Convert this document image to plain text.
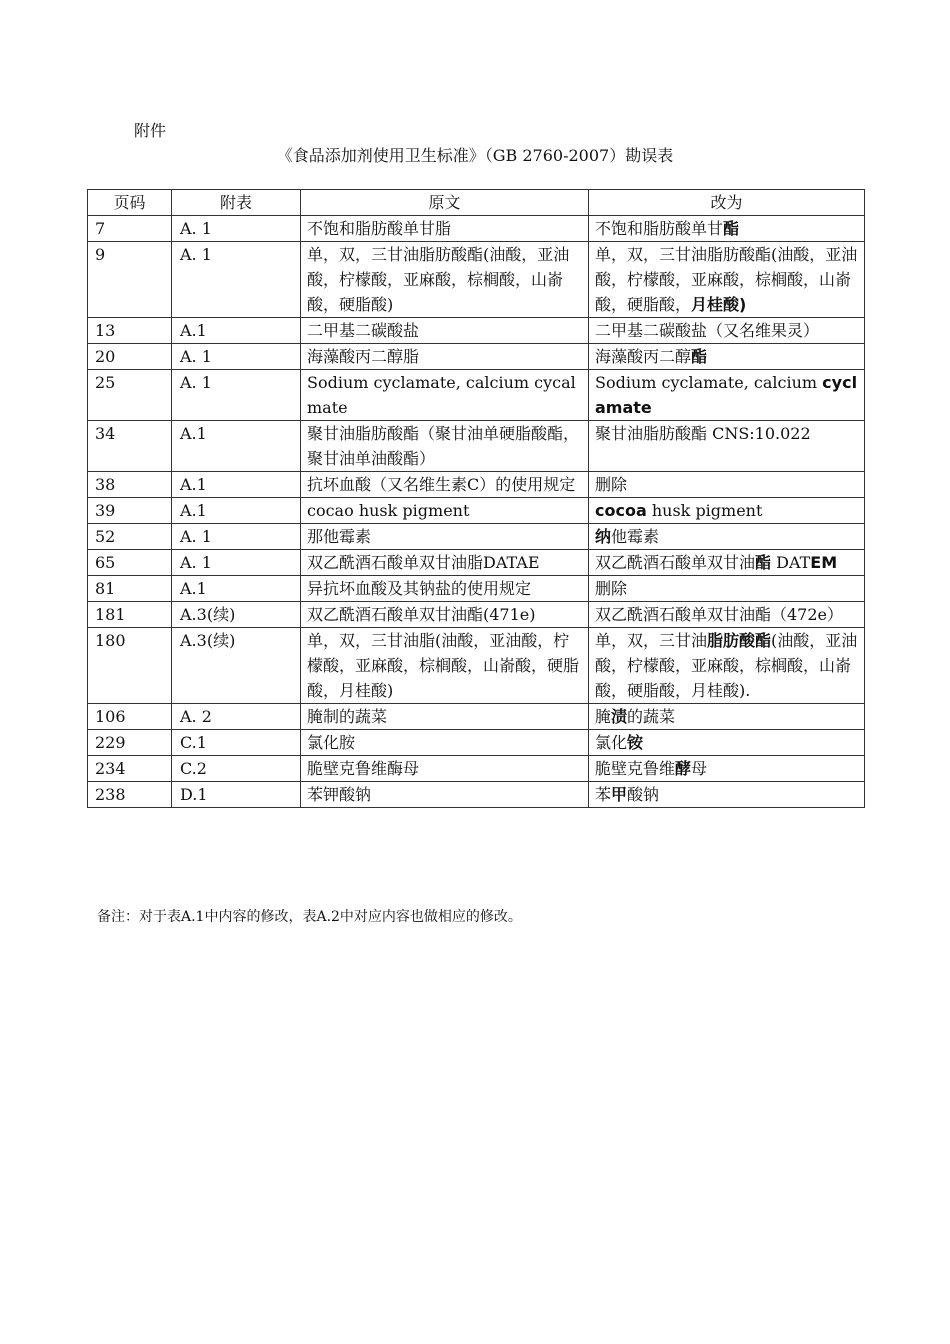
附件
《食品添加剂使用卫生标准》（GB 2760-2007）勘误表
页码	附表	原文	改为
7	A. 1	不饱和脂肪酸单甘脂	不饱和脂肪酸单甘酯
9	A. 1	单，双，三甘油脂肪酸酯(油酸，亚油酸，柠檬酸，亚麻酸，棕榈酸，山嵛酸，硬脂酸)	单，双，三甘油脂肪酸酯(油酸，亚油酸，柠檬酸，亚麻酸，棕榈酸，山嵛酸，硬脂酸，月桂酸)
13	A.1	二甲基二碳酸盐	二甲基二碳酸盐（又名维果灵）
20	A. 1	海藻酸丙二醇脂	海藻酸丙二醇酯
25	A. 1	Sodium cyclamate, calcium cycalmate	Sodium cyclamate, calcium cyclamate
34	A.1	聚甘油脂肪酸酯（聚甘油单硬脂酸酯，聚甘油单油酸酯）	聚甘油脂肪酸酯 CNS:10.022
38	A.1	抗坏血酸（又名维生素C）的使用规定	删除
39	A.1	cocao husk pigment	cocoa husk pigment
52	A. 1	那他霉素	纳他霉素
65	A. 1	双乙酰酒石酸单双甘油脂DATAE	双乙酰酒石酸单双甘油酯 DATEM
81	A.1	异抗坏血酸及其钠盐的使用规定	删除
181	A.3(续)	双乙酰酒石酸单双甘油酯(471e)	双乙酰酒石酸单双甘油酯（472e）
180	A.3(续)	单，双，三甘油脂(油酸，亚油酸，柠檬酸，亚麻酸，棕榈酸，山嵛酸，硬脂酸，月桂酸)	单，双，三甘油脂肪酸酯(油酸，亚油酸，柠檬酸，亚麻酸，棕榈酸，山嵛酸，硬脂酸，月桂酸).
106	A. 2	腌制的蔬菜	腌渍的蔬菜
229	C.1	氯化胺	氯化铵
234	C.2	脆壁克鲁维酶母	脆壁克鲁维酵母
238	D.1	苯钾酸钠	苯甲酸钠
备注：对于表A.1中内容的修改，表A.2中对应内容也做相应的修改。
